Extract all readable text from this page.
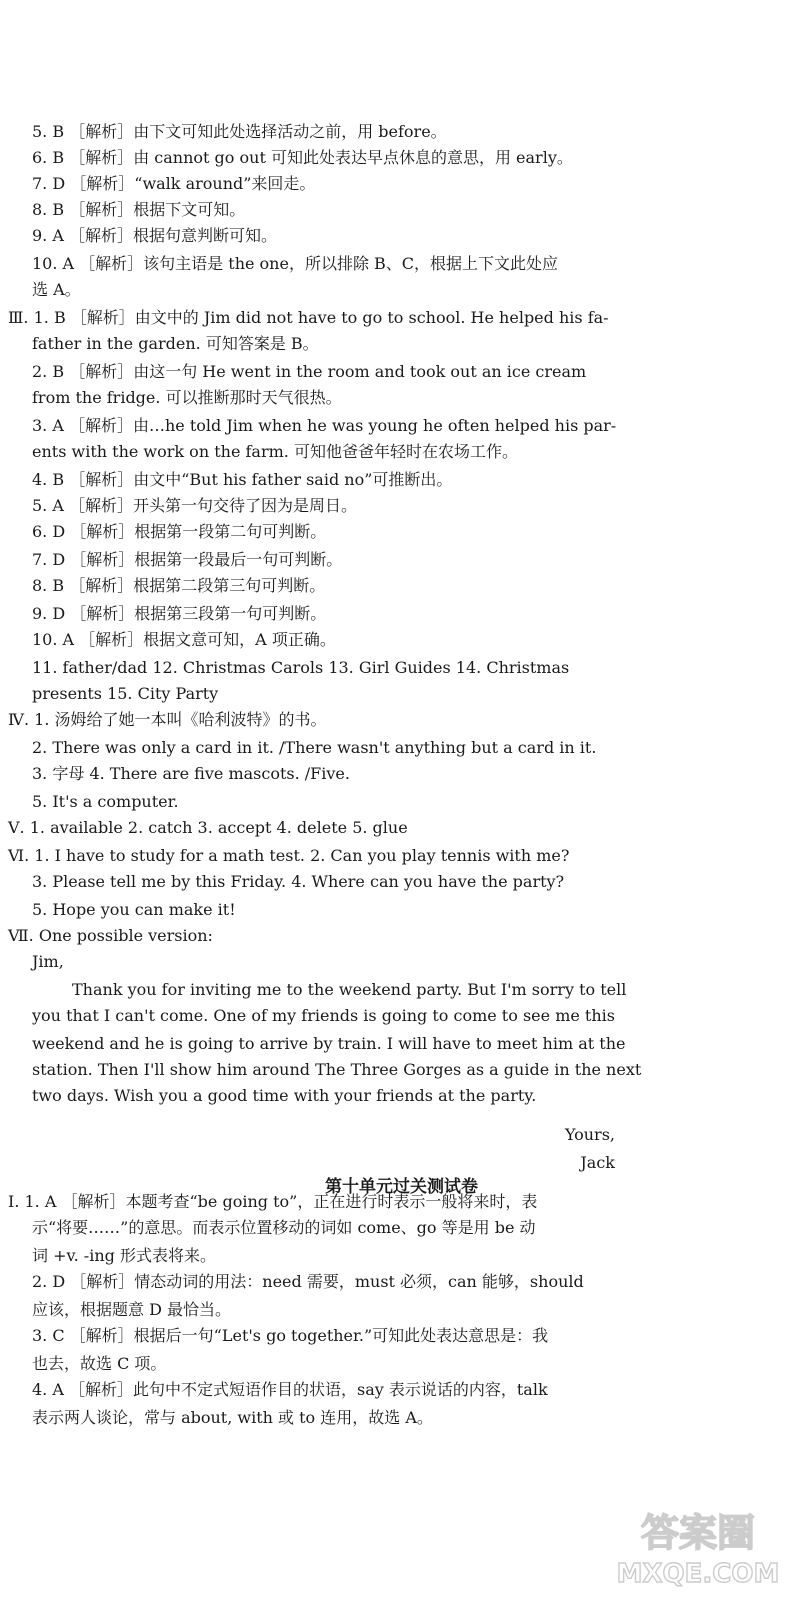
5. B ［解析］由下文可知此处选择活动之前，用 before。
6. B ［解析］由 cannot go out 可知此处表达早点休息的意思，用 early。
7. D ［解析］“walk around”来回走。
8. B ［解析］根据下文可知。
9. A ［解析］根据句意判断可知。
10. A ［解析］该句主语是 the one，所以排除 B、C，根据上下文此处应
选 A。
Ⅲ. 1. B ［解析］由文中的 Jim did not have to go to school. He helped his fa-
father in the garden. 可知答案是 B。
2. B ［解析］由这一句 He went in the room and took out an ice cream
from the fridge. 可以推断那时天气很热。
3. A ［解析］由…he told Jim when he was young he often helped his par-
ents with the work on the farm. 可知他爸爸年轻时在农场工作。
4. B ［解析］由文中“But his father said no”可推断出。
5. A ［解析］开头第一句交待了因为是周日。
6. D ［解析］根据第一段第二句可判断。
7. D ［解析］根据第一段最后一句可判断。
8. B ［解析］根据第二段第三句可判断。
9. D ［解析］根据第三段第一句可判断。
10. A ［解析］根据文意可知，A 项正确。
11. father/dad 12. Christmas Carols 13. Girl Guides 14. Christmas
presents 15. City Party
Ⅳ. 1. 汤姆给了她一本叫《哈利波特》的书。
2. There was only a card in it. /There wasn't anything but a card in it.
3. 字母 4. There are five mascots. /Five.
5. It's a computer.
Ⅴ. 1. available 2. catch 3. accept 4. delete 5. glue
Ⅵ. 1. I have to study for a math test. 2. Can you play tennis with me?
3. Please tell me by this Friday. 4. Where can you have the party?
5. Hope you can make it!
Ⅶ. One possible version:
Jim,
Thank you for inviting me to the weekend party. But I'm sorry to tell
you that I can't come. One of my friends is going to come to see me this
weekend and he is going to arrive by train. I will have to meet him at the
station. Then I'll show him around The Three Gorges as a guide in the next
two days. Wish you a good time with your friends at the party.
Ⅰ. 1. A ［解析］本题考查“be going to”，正在进行时表示一般将来时，表
示“将要……”的意思。而表示位置移动的词如 come、go 等是用 be 动
词 +v. -ing 形式表将来。
2. D ［解析］情态动词的用法：need 需要，must 必须，can 能够，should
应该，根据题意 D 最恰当。
3. C ［解析］根据后一句“Let's go together.”可知此处表达意思是：我
也去，故选 C 项。
4. A ［解析］此句中不定式短语作目的状语，say 表示说话的内容，talk
表示两人谈论，常与 about, with 或 to 连用，故选 A。
Yours,
Jack
第十单元过关测试卷
答案圈
MXQE.COM
